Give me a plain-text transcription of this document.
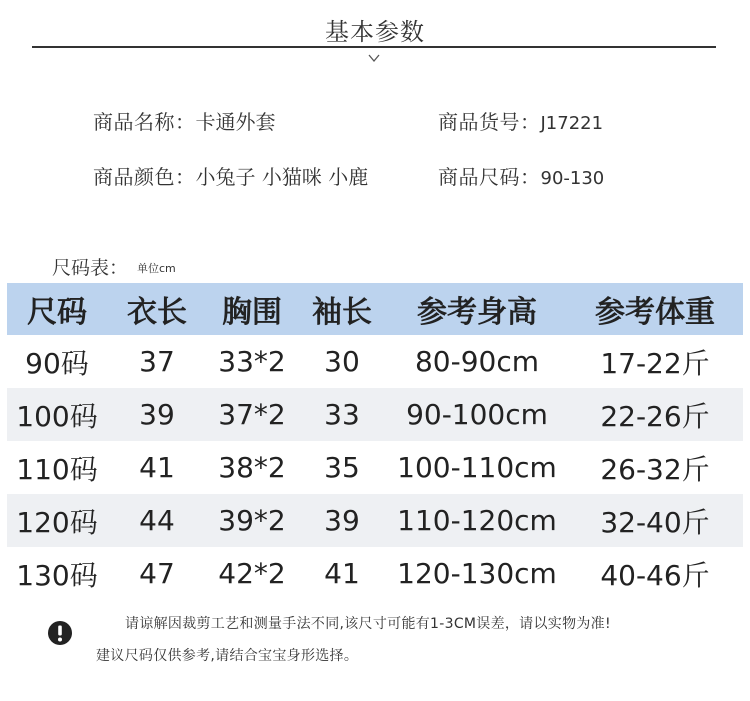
基本参数
商品名称：卡通外套	商品货号：J17221
商品颜色：小兔子 小猫咪 小鹿	商品尺码：90-130
尺码表： 单位cm
尺码	衣长	胸围	袖长	参考身高	参考体重
90码	37	33*2	30	80-90cm	17-22斤
100码	39	37*2	33	90-100cm	22-26斤
110码	41	38*2	35	100-110cm	26-32斤
120码	44	39*2	39	110-120cm	32-40斤
130码	47	42*2	41	120-130cm	40-46斤
请谅解因裁剪工艺和测量手法不同,该尺寸可能有1-3CM误差，请以实物为准!
建议尺码仅供参考,请结合宝宝身形选择。
